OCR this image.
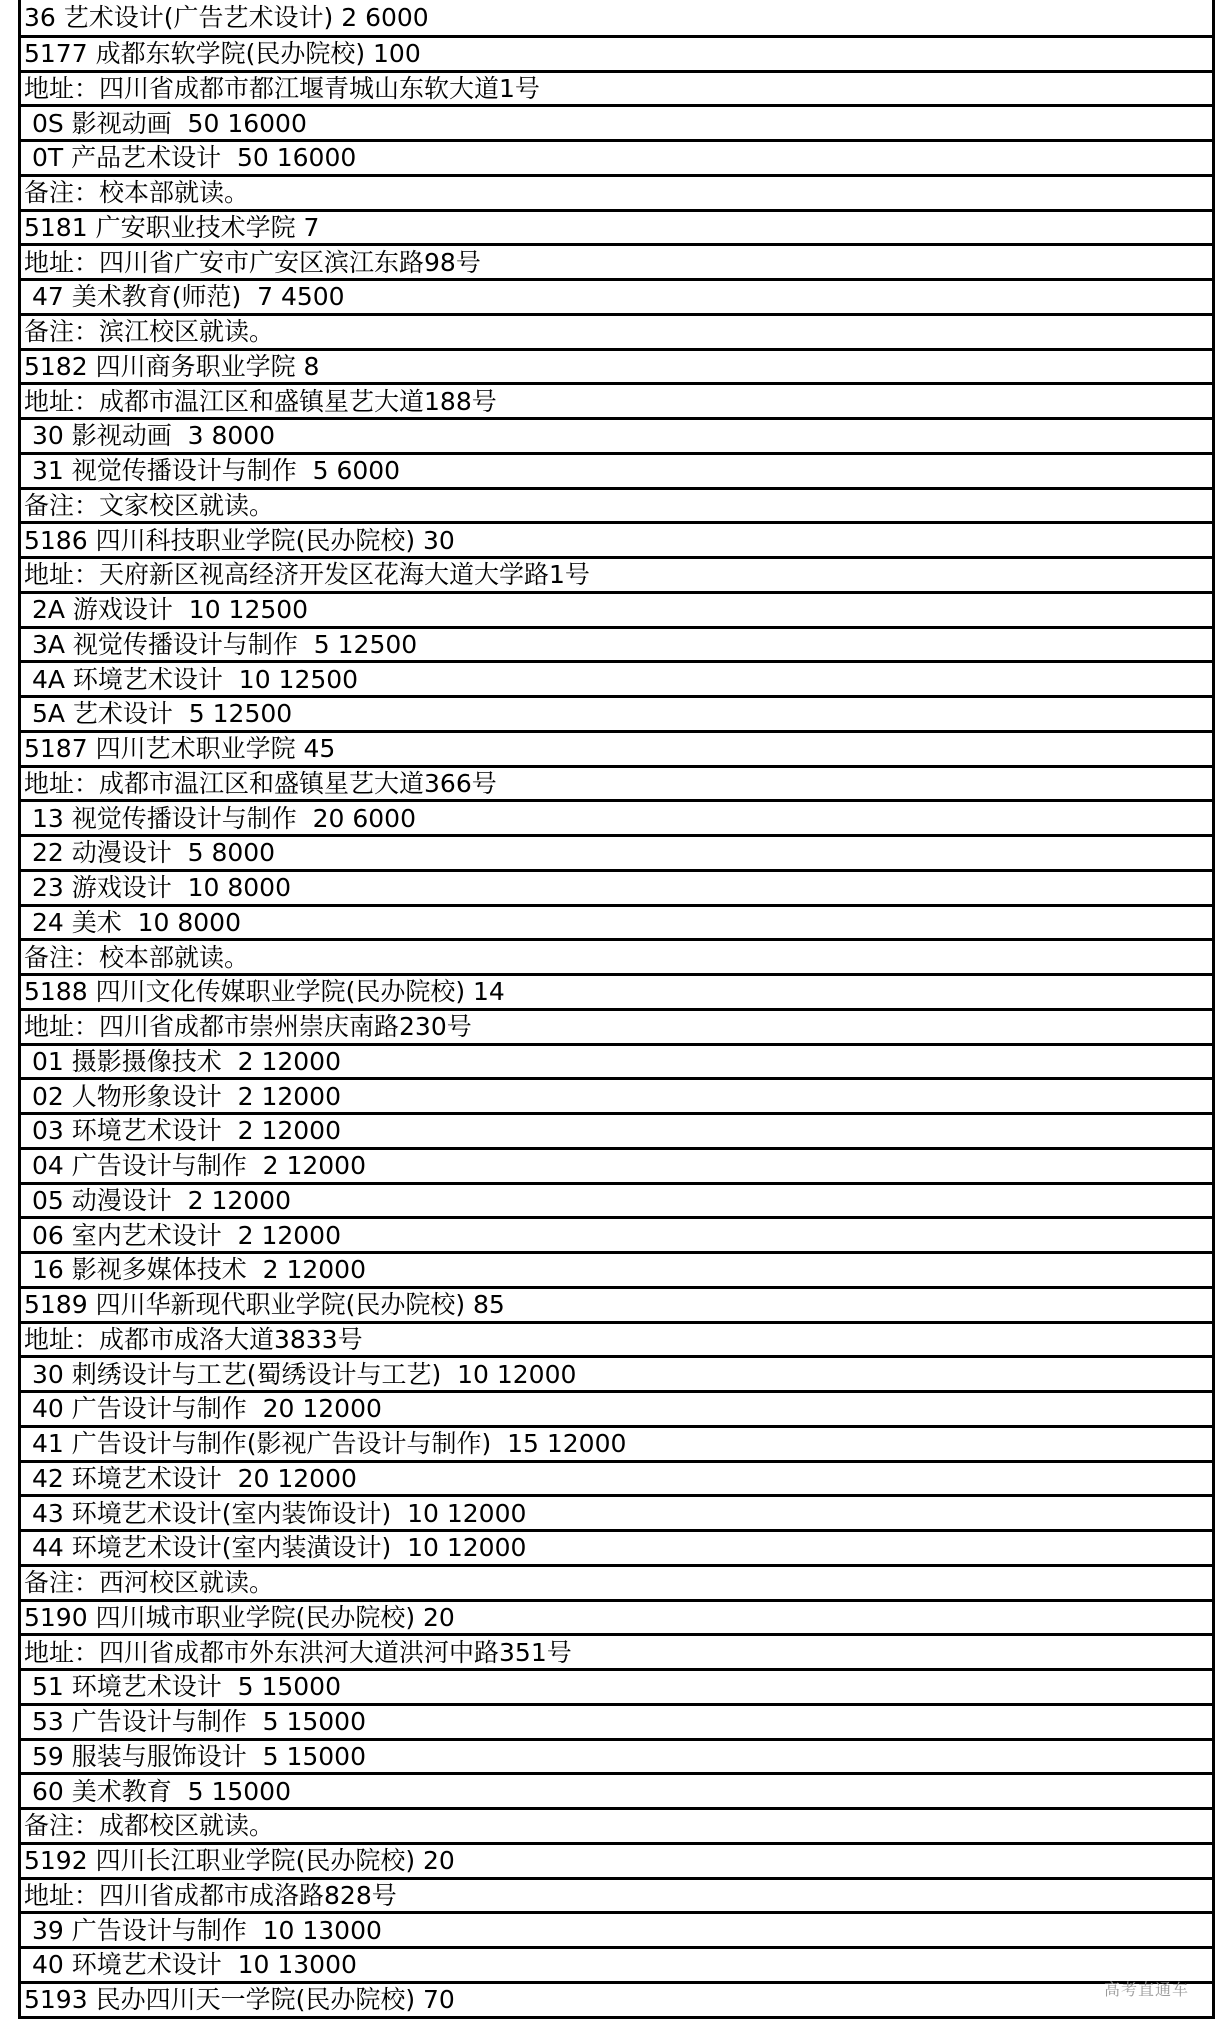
36 艺术设计(广告艺术设计) 2 6000
5177 成都东软学院(民办院校) 100
地址：四川省成都市都江堰青城山东软大道1号
0S 影视动画  50 16000
0T 产品艺术设计  50 16000
备注：校本部就读。
5181 广安职业技术学院 7
地址：四川省广安市广安区滨江东路98号
47 美术教育(师范)  7 4500
备注：滨江校区就读。
5182 四川商务职业学院 8
地址：成都市温江区和盛镇星艺大道188号
30 影视动画  3 8000
31 视觉传播设计与制作  5 6000
备注：文家校区就读。
5186 四川科技职业学院(民办院校) 30
地址：天府新区视高经济开发区花海大道大学路1号
2A 游戏设计  10 12500
3A 视觉传播设计与制作  5 12500
4A 环境艺术设计  10 12500
5A 艺术设计  5 12500
5187 四川艺术职业学院 45
地址：成都市温江区和盛镇星艺大道366号
13 视觉传播设计与制作  20 6000
22 动漫设计  5 8000
23 游戏设计  10 8000
24 美术  10 8000
备注：校本部就读。
5188 四川文化传媒职业学院(民办院校) 14
地址：四川省成都市崇州崇庆南路230号
01 摄影摄像技术  2 12000
02 人物形象设计  2 12000
03 环境艺术设计  2 12000
04 广告设计与制作  2 12000
05 动漫设计  2 12000
06 室内艺术设计  2 12000
16 影视多媒体技术  2 12000
5189 四川华新现代职业学院(民办院校) 85
地址：成都市成洛大道3833号
30 刺绣设计与工艺(蜀绣设计与工艺)  10 12000
40 广告设计与制作  20 12000
41 广告设计与制作(影视广告设计与制作)  15 12000
42 环境艺术设计  20 12000
43 环境艺术设计(室内装饰设计)  10 12000
44 环境艺术设计(室内装潢设计)  10 12000
备注：西河校区就读。
5190 四川城市职业学院(民办院校) 20
地址：四川省成都市外东洪河大道洪河中路351号
51 环境艺术设计  5 15000
53 广告设计与制作  5 15000
59 服装与服饰设计  5 15000
60 美术教育  5 15000
备注：成都校区就读。
5192 四川长江职业学院(民办院校) 20
地址：四川省成都市成洛路828号
39 广告设计与制作  10 13000
40 环境艺术设计  10 13000
5193 民办四川天一学院(民办院校) 70	高考直通车
